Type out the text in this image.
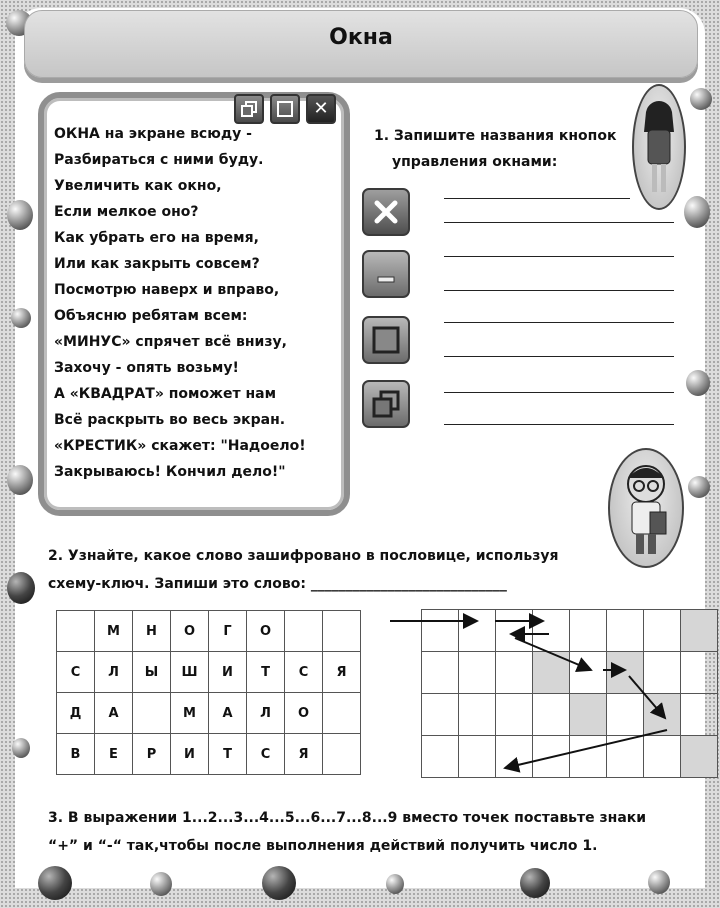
Окна
✕
ОКНА на экране всюду -
Разбираться с ними буду.
Увеличить как окно,
Если мелкое оно?
Как убрать его на время,
Или как закрыть совсем?
Посмотрю наверх и вправо,
Объясню ребятам всем:
«МИНУС» спрячет всё внизу,
Захочу - опять возьму!
А «КВАДРАТ» поможет нам
Всё раскрыть во весь экран.
«КРЕСТИК» скажет: "Надоело!
Закрываюсь! Кончил дело!"
1. Запишите названия кнопок
управления окнами:
2. Узнайте, какое слово зашифровано в пословице, используя
схему-ключ. Запиши это слово: ____________________________
	М	Н	О	Г	О		
С	Л	Ы	Ш	И	Т	С	Я
Д	А		М	А	Л	О	
В	Е	Р	И	Т	С	Я	

3. В выражении 1...2...3...4...5...6...7...8...9 вместо точек поставьте знаки
“+” и “-“ так,чтобы после выполнения действий получить число 1.
